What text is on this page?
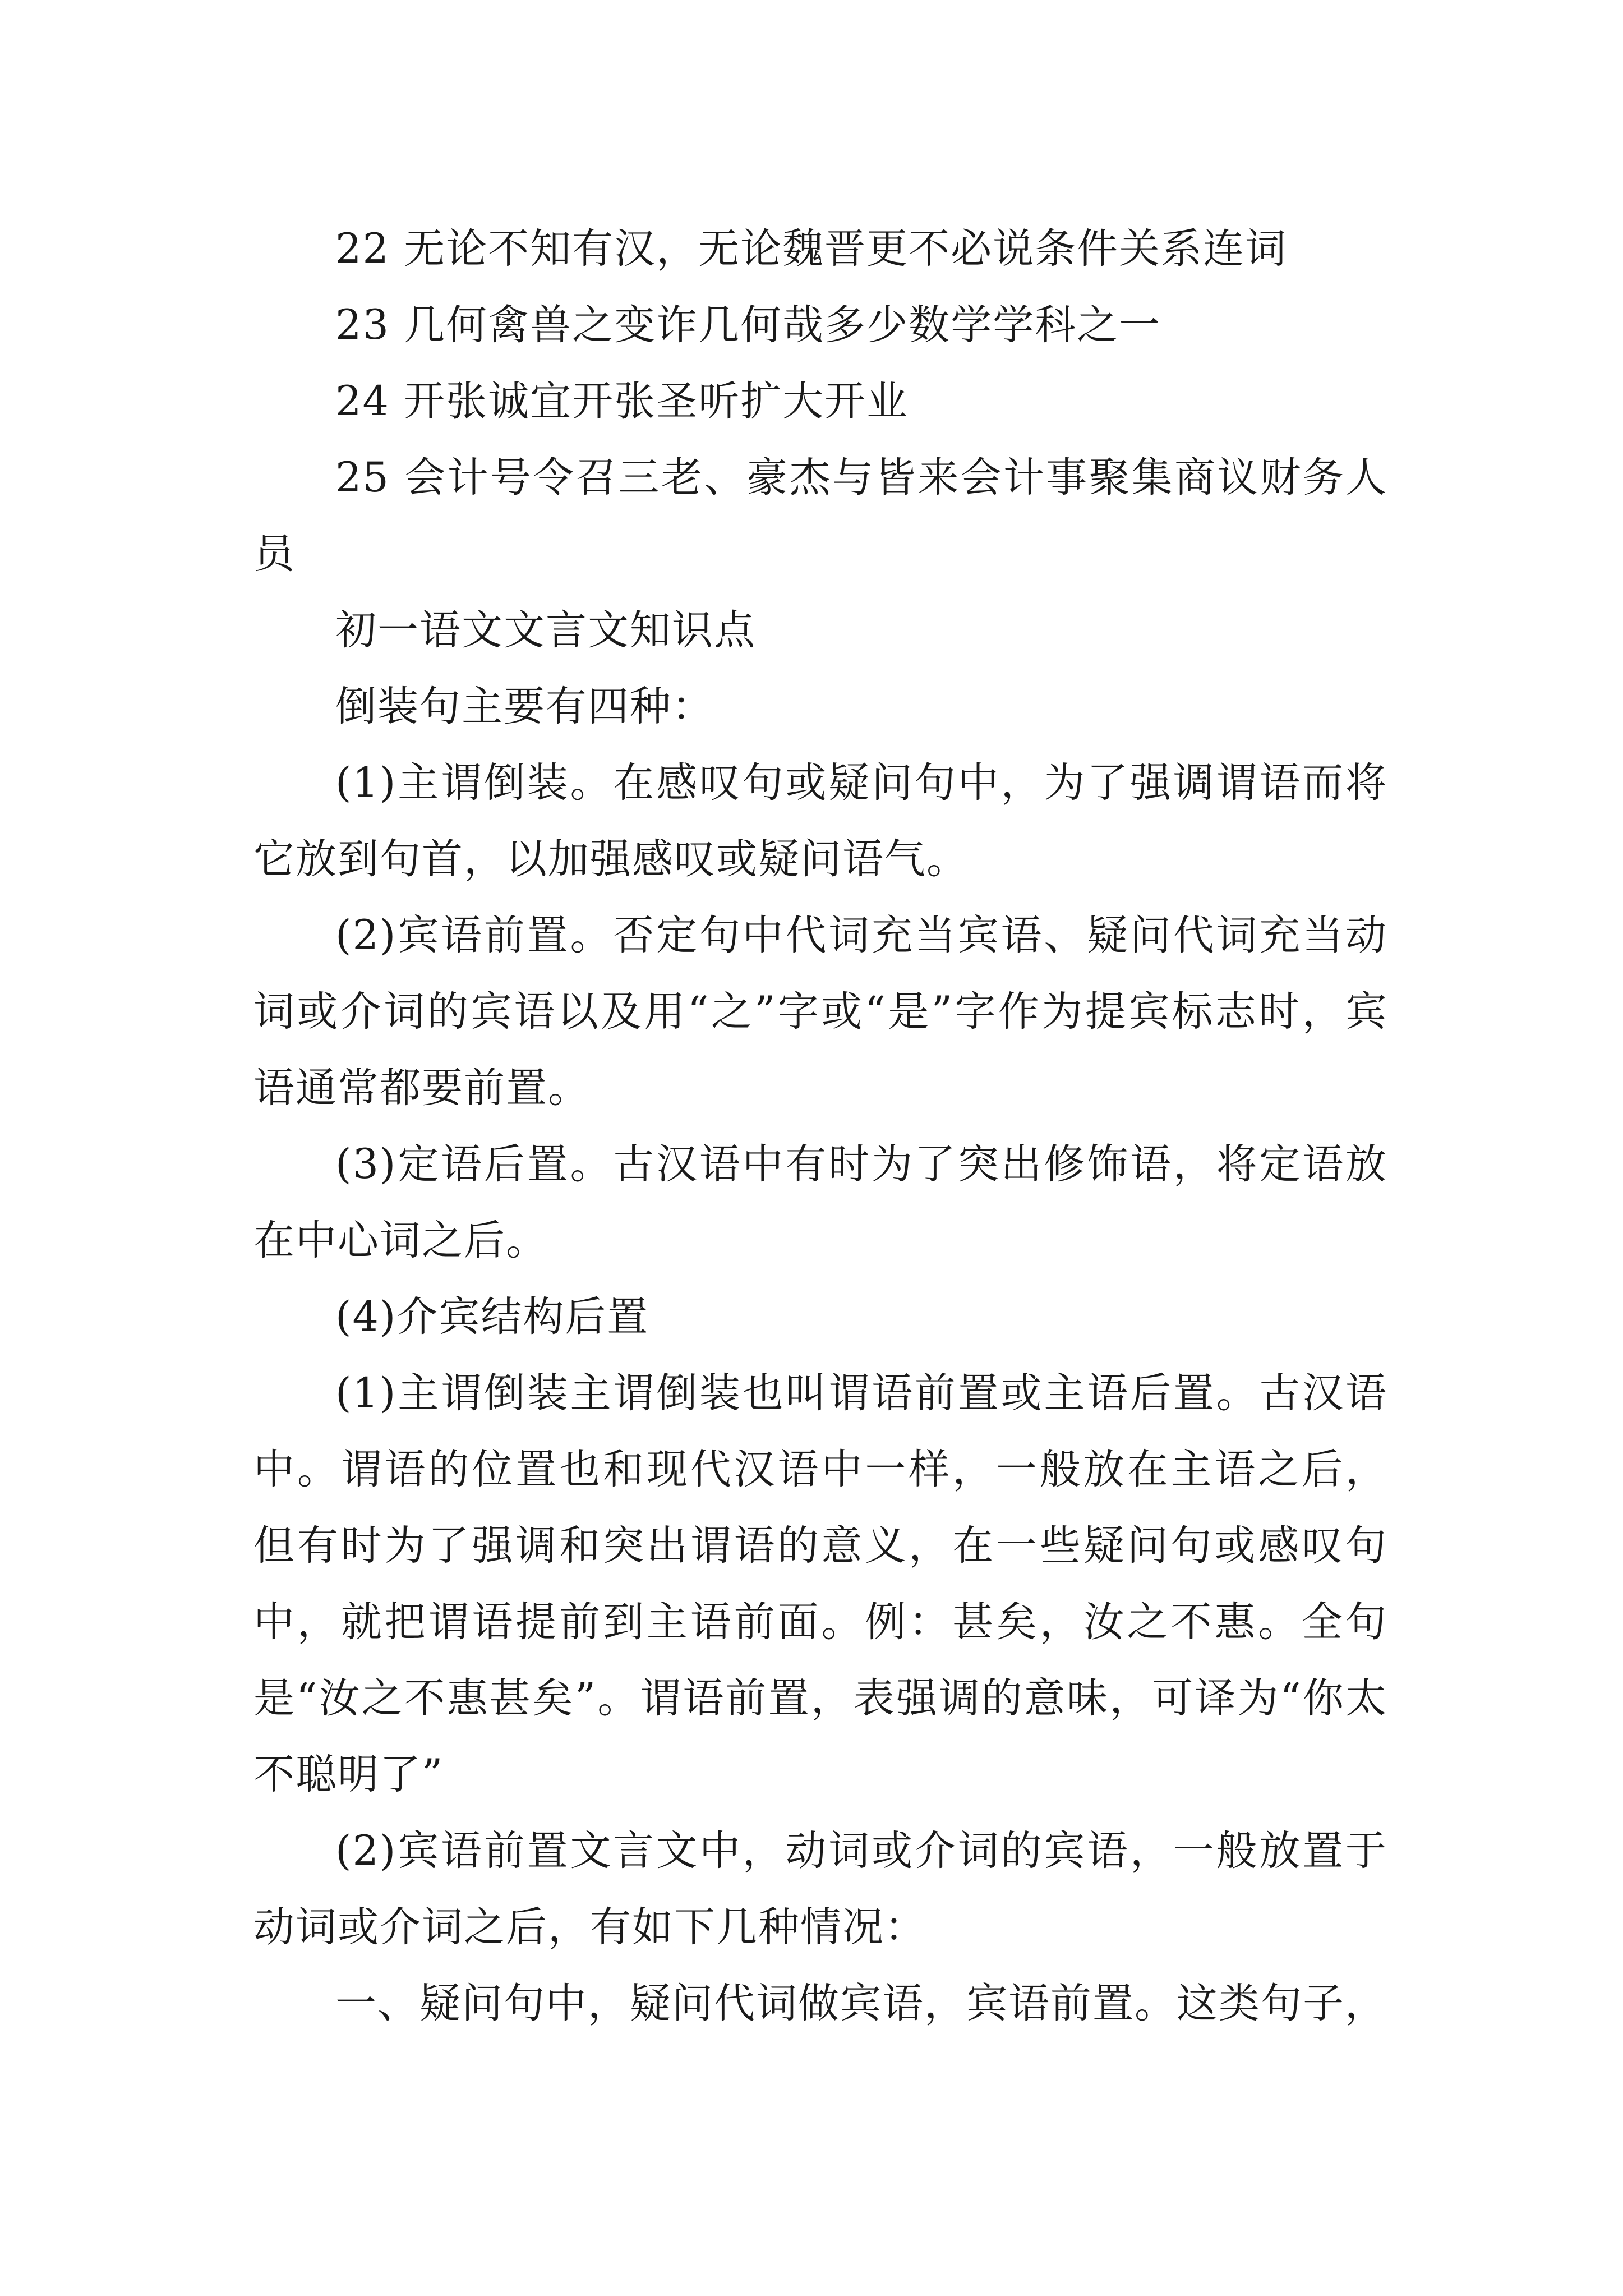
22 无论不知有汉，无论魏晋更不必说条件关系连词

23 几何禽兽之变诈几何哉多少数学学科之一

24 开张诚宜开张圣听扩大开业

25 会计号令召三老、豪杰与皆来会计事聚集商议财务人员

初一语文文言文知识点

倒装句主要有四种：

(1)主谓倒装。在感叹句或疑问句中，为了强调谓语而将它放到句首，以加强感叹或疑问语气。

(2)宾语前置。否定句中代词充当宾语、疑问代词充当动词或介词的宾语以及用“之”字或“是”字作为提宾标志时，宾语通常都要前置。

(3)定语后置。古汉语中有时为了突出修饰语，将定语放在中心词之后。

(4)介宾结构后置

(1)主谓倒装主谓倒装也叫谓语前置或主语后置。古汉语中。谓语的位置也和现代汉语中一样，一般放在主语之后，但有时为了强调和突出谓语的意义，在一些疑问句或感叹句中，就把谓语提前到主语前面。例：甚矣，汝之不惠。全句是“汝之不惠甚矣”。谓语前置，表强调的意味，可译为“你太不聪明了”

(2)宾语前置文言文中，动词或介词的宾语，一般放置于动词或介词之后，有如下几种情况：

一、疑问句中，疑问代词做宾语，宾语前置。这类句子，
